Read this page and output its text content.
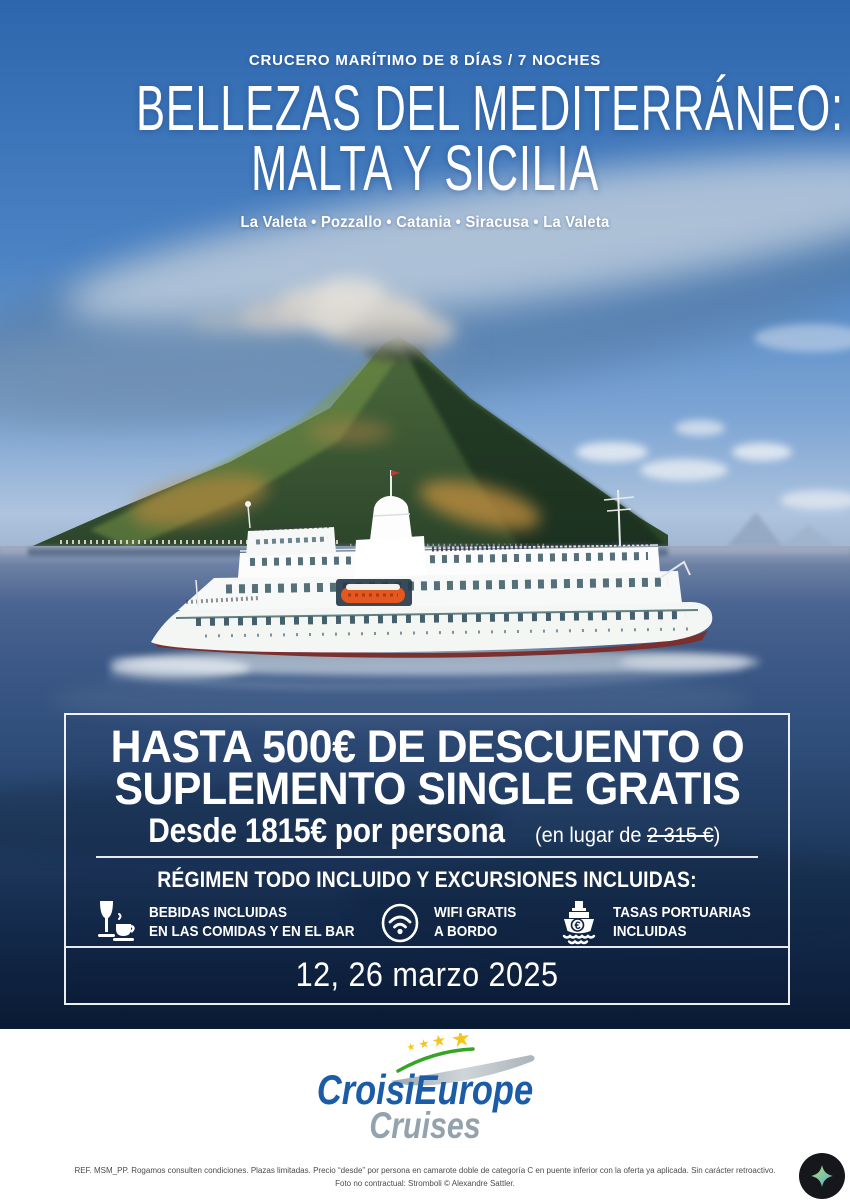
CRUCERO MARÍTIMO DE 8 DÍAS / 7 NOCHES
BELLEZAS DEL MEDITERRÁNEO:
MALTA Y SICILIA
La Valeta • Pozzallo • Catania • Siracusa • La Valeta
HASTA 500€ DE DESCUENTO O
SUPLEMENTO SINGLE GRATIS
Desde 1815€ por persona (en lugar de 2 315 €)
RÉGIMEN TODO INCLUIDO Y EXCURSIONES INCLUIDAS:
BEBIDAS INCLUIDAS
EN LAS COMIDAS Y EN EL BAR
WIFI GRATIS
A BORDO	€
TASAS PORTUARIAS
INCLUIDAS
12, 26 marzo 2025
CroisiEurope
Cruises
REF. MSM_PP. Rogamos consulten condiciones. Plazas limitadas. Precio “desde” por persona en camarote doble de categoría C en puente inferior con la oferta ya aplicada. Sin carácter retroactivo.
Foto no contractual: Stromboli © Alexandre Sattler.
